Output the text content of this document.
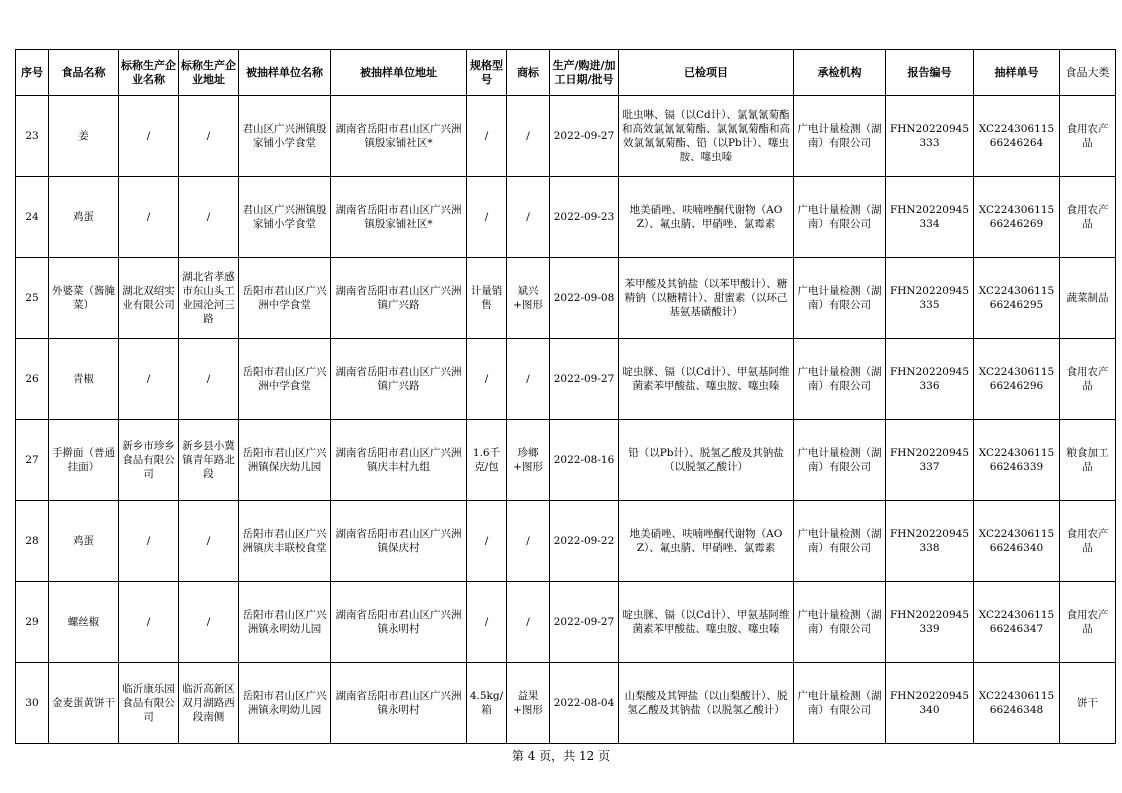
序号	食品名称	标称生产企业名称	标称生产企业地址	被抽样单位名称	被抽样单位地址	规格型号	商标	生产/购进/加工日期/批号	已检项目	承检机构	报告编号	抽样单号	食品大类
23	姜	/	/	君山区广兴洲镇殷家铺小学食堂	湖南省岳阳市君山区广兴洲镇殷家铺社区*	/	/	2022-09-27	吡虫啉、镉（以Cd计）、氯氰氰菊酯和高效氯氰氰菊酯、氯氰氰菊酯和高效氯氰氰菊酯、铅（以Pb计）、噻虫胺、噻虫嗪	广电计量检测（湖南）有限公司	FHN20220945333	XC22430611566246264	食用农产品
24	鸡蛋	/	/	君山区广兴洲镇殷家铺小学食堂	湖南省岳阳市君山区广兴洲镇殷家铺社区*	/	/	2022-09-23	地美硝唑、呋喃唑酮代谢物（AOZ）、氟虫腈、甲硝唑、氯霉素	广电计量检测（湖南）有限公司	FHN20220945334	XC22430611566246269	食用农产品
25	外婆菜（酱腌菜）	湖北双绍实业有限公司	湖北省孝感市东山头工业园沦河三路	岳阳市君山区广兴洲中学食堂	湖南省岳阳市君山区广兴洲镇广兴路	计量销售	斌兴+图形	2022-09-08	苯甲酸及其钠盐（以苯甲酸计）、糖精钠（以糖精计）、甜蜜素（以环己基氨基磺酸计）	广电计量检测（湖南）有限公司	FHN20220945335	XC22430611566246295	蔬菜制品
26	青椒	/	/	岳阳市君山区广兴洲中学食堂	湖南省岳阳市君山区广兴洲镇广兴路	/	/	2022-09-27	啶虫脒、镉（以Cd计）、甲氨基阿维菌素苯甲酸盐、噻虫胺、噻虫嗪	广电计量检测（湖南）有限公司	FHN20220945336	XC22430611566246296	食用农产品
27	手擀面（普通挂面）	新乡市珍乡食品有限公司	新乡县小冀镇青年路北段	岳阳市君山区广兴洲镇保庆幼儿园	湖南省岳阳市君山区广兴洲镇庆丰村九组	1.6千克/包	珍鄉+图形	2022-08-16	铅（以Pb计）、脱氢乙酸及其钠盐（以脱氢乙酸计）	广电计量检测（湖南）有限公司	FHN20220945337	XC22430611566246339	粮食加工品
28	鸡蛋	/	/	岳阳市君山区广兴洲镇庆丰联校食堂	湖南省岳阳市君山区广兴洲镇保庆村	/	/	2022-09-22	地美硝唑、呋喃唑酮代谢物（AOZ）、氟虫腈、甲硝唑、氯霉素	广电计量检测（湖南）有限公司	FHN20220945338	XC22430611566246340	食用农产品
29	螺丝椒	/	/	岳阳市君山区广兴洲镇永明幼儿园	湖南省岳阳市君山区广兴洲镇永明村	/	/	2022-09-27	啶虫脒、镉（以Cd计）、甲氨基阿维菌素苯甲酸盐、噻虫胺、噻虫嗪	广电计量检测（湖南）有限公司	FHN20220945339	XC22430611566246347	食用农产品
30	金麦蛋黄饼干	临沂康乐园食品有限公司	临沂高新区双月湖路西段南侧	岳阳市君山区广兴洲镇永明幼儿园	湖南省岳阳市君山区广兴洲镇永明村	4.5kg/箱	益果+图形	2022-08-04	山梨酸及其钾盐（以山梨酸计）、脱氢乙酸及其钠盐（以脱氢乙酸计）	广电计量检测（湖南）有限公司	FHN20220945340	XC22430611566246348	饼干
第 4 页，共 12 页
